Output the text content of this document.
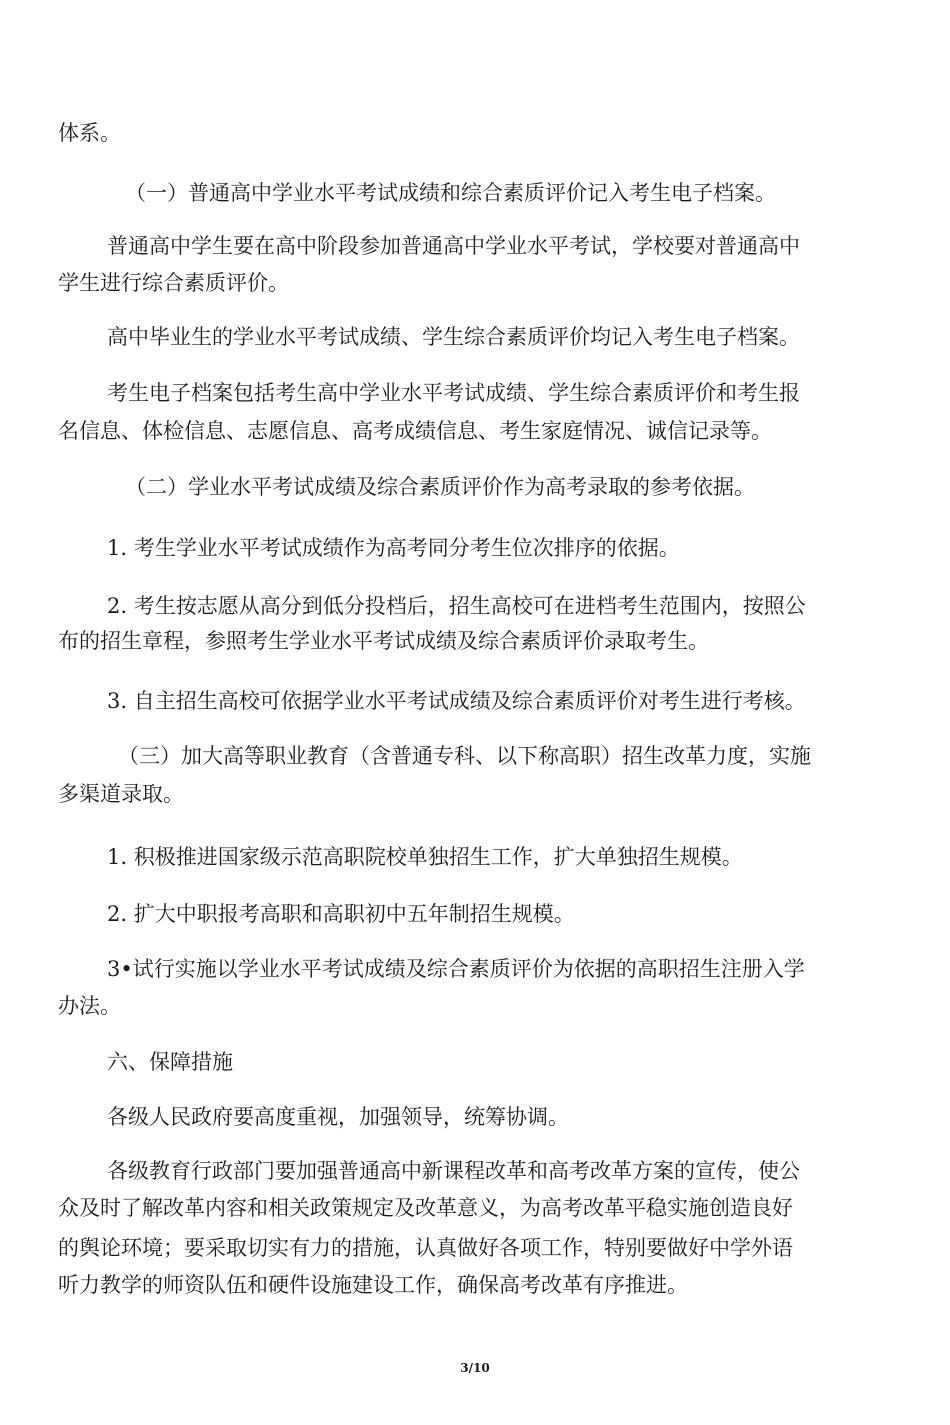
体系。
（一）普通高中学业水平考试成绩和综合素质评价记入考生电子档案。
普通高中学生要在高中阶段参加普通高中学业水平考试，学校要对普通高中
学生进行综合素质评价。
高中毕业生的学业水平考试成绩、学生综合素质评价均记入考生电子档案。
考生电子档案包括考生高中学业水平考试成绩、学生综合素质评价和考生报
名信息、体检信息、志愿信息、高考成绩信息、考生家庭情况、诚信记录等。
（二）学业水平考试成绩及综合素质评价作为高考录取的参考依据。
1. 考生学业水平考试成绩作为高考同分考生位次排序的依据。
2. 考生按志愿从高分到低分投档后，招生高校可在进档考生范围内，按照公
布的招生章程，参照考生学业水平考试成绩及综合素质评价录取考生。
3. 自主招生高校可依据学业水平考试成绩及综合素质评价对考生进行考核。
（三）加大高等职业教育（含普通专科、以下称高职）招生改革力度，实施
多渠道录取。
1. 积极推进国家级示范高职院校单独招生工作，扩大单独招生规模。
2. 扩大中职报考高职和高职初中五年制招生规模。
3•试行实施以学业水平考试成绩及综合素质评价为依据的高职招生注册入学
办法。
六、保障措施
各级人民政府要高度重视，加强领导，统筹协调。
各级教育行政部门要加强普通高中新课程改革和高考改革方案的宣传，使公
众及时了解改革内容和相关政策规定及改革意义，为高考改革平稳实施创造良好
的舆论环境；要采取切实有力的措施，认真做好各项工作，特别要做好中学外语
听力教学的师资队伍和硬件设施建设工作，确保高考改革有序推进。
3/10
